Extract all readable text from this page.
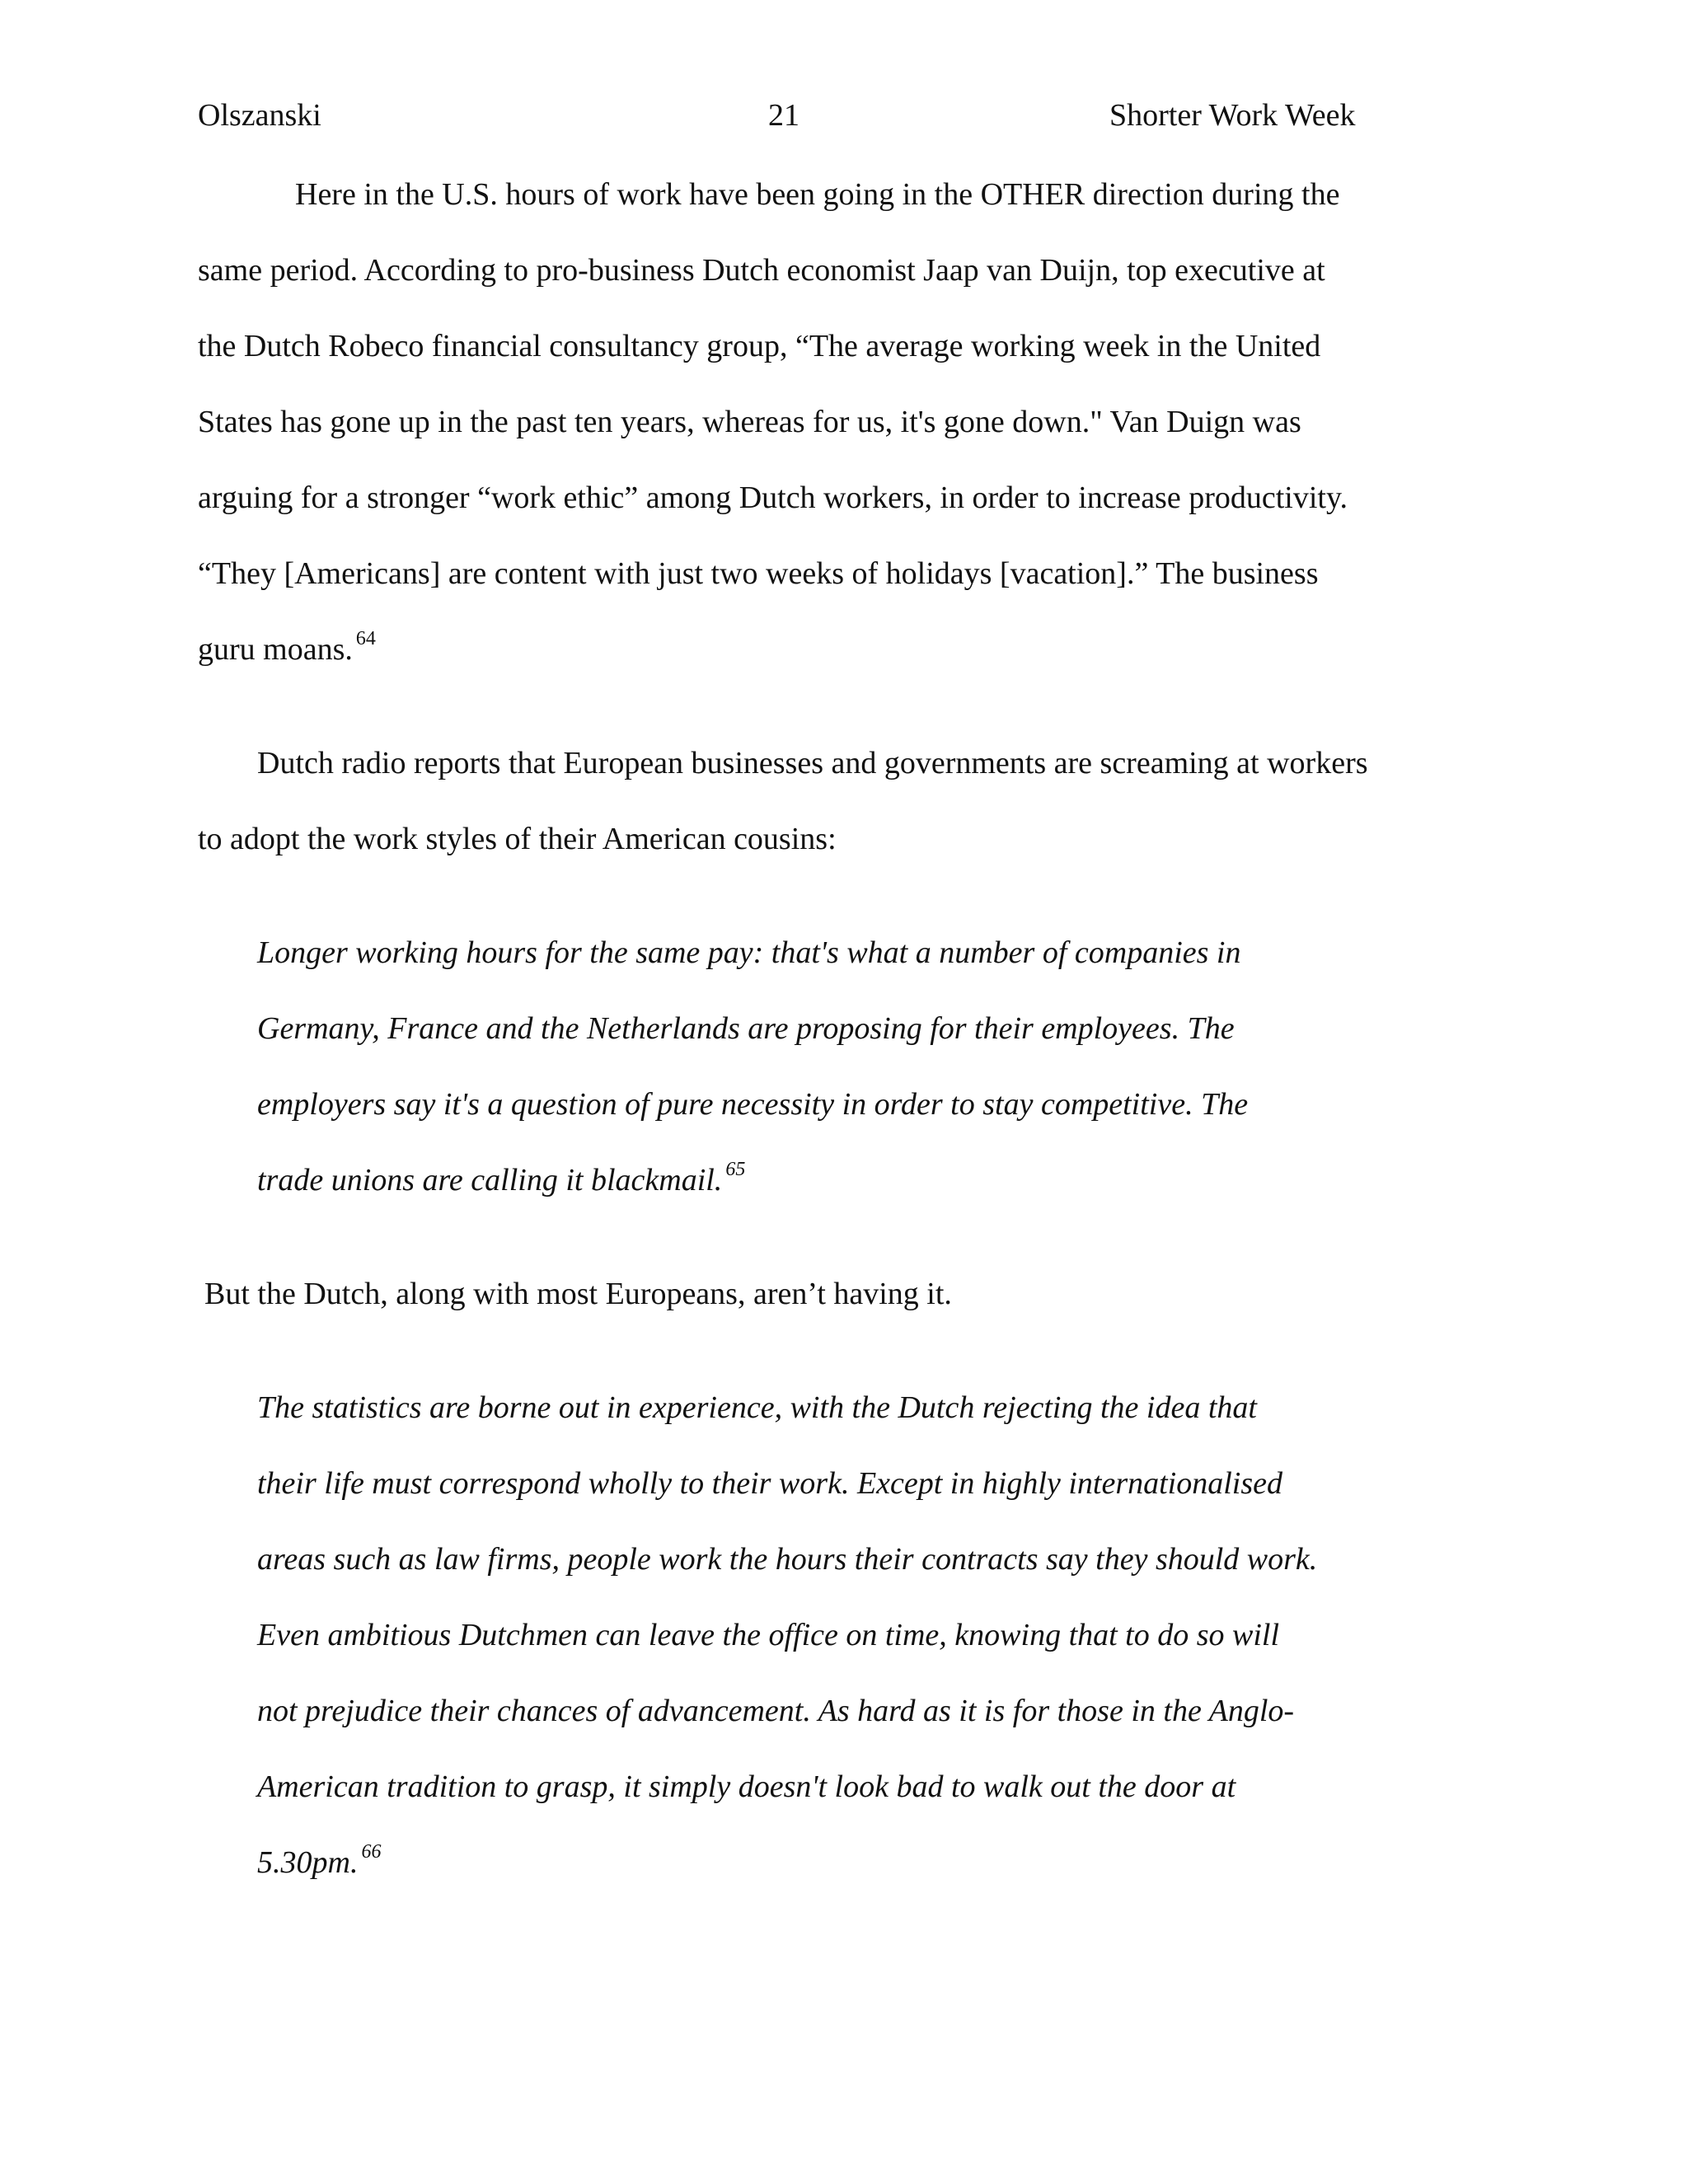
Olszanski	21	Shorter Work Week
Here in the U.S. hours of work have been going in the OTHER direction during the
same period. According to pro-business Dutch economist Jaap van Duijn, top executive at
the Dutch Robeco financial consultancy group, “The average working week in the United
States has gone up in the past ten years, whereas for us, it's gone down." Van Duign was
arguing for a stronger “work ethic” among Dutch workers, in order to increase productivity.
“They [Americans] are content with just two weeks of holidays [vacation].” The business
guru moans. $^{64}$
Dutch radio reports that European businesses and governments are screaming at workers
to adopt the work styles of their American cousins:
Longer working hours for the same pay: that's what a number of companies in
Germany, France and the Netherlands are proposing for their employees. The
employers say it's a question of pure necessity in order to stay competitive. The
trade unions are calling it blackmail. $^{65}$
But the Dutch, along with most Europeans, aren’t having it.
The statistics are borne out in experience, with the Dutch rejecting the idea that
their life must correspond wholly to their work. Except in highly internationalised
areas such as law firms, people work the hours their contracts say they should work.
Even ambitious Dutchmen can leave the office on time, knowing that to do so will
not prejudice their chances of advancement. As hard as it is for those in the Anglo-
American tradition to grasp, it simply doesn't look bad to walk out the door at
5.30pm. $^{66}$
